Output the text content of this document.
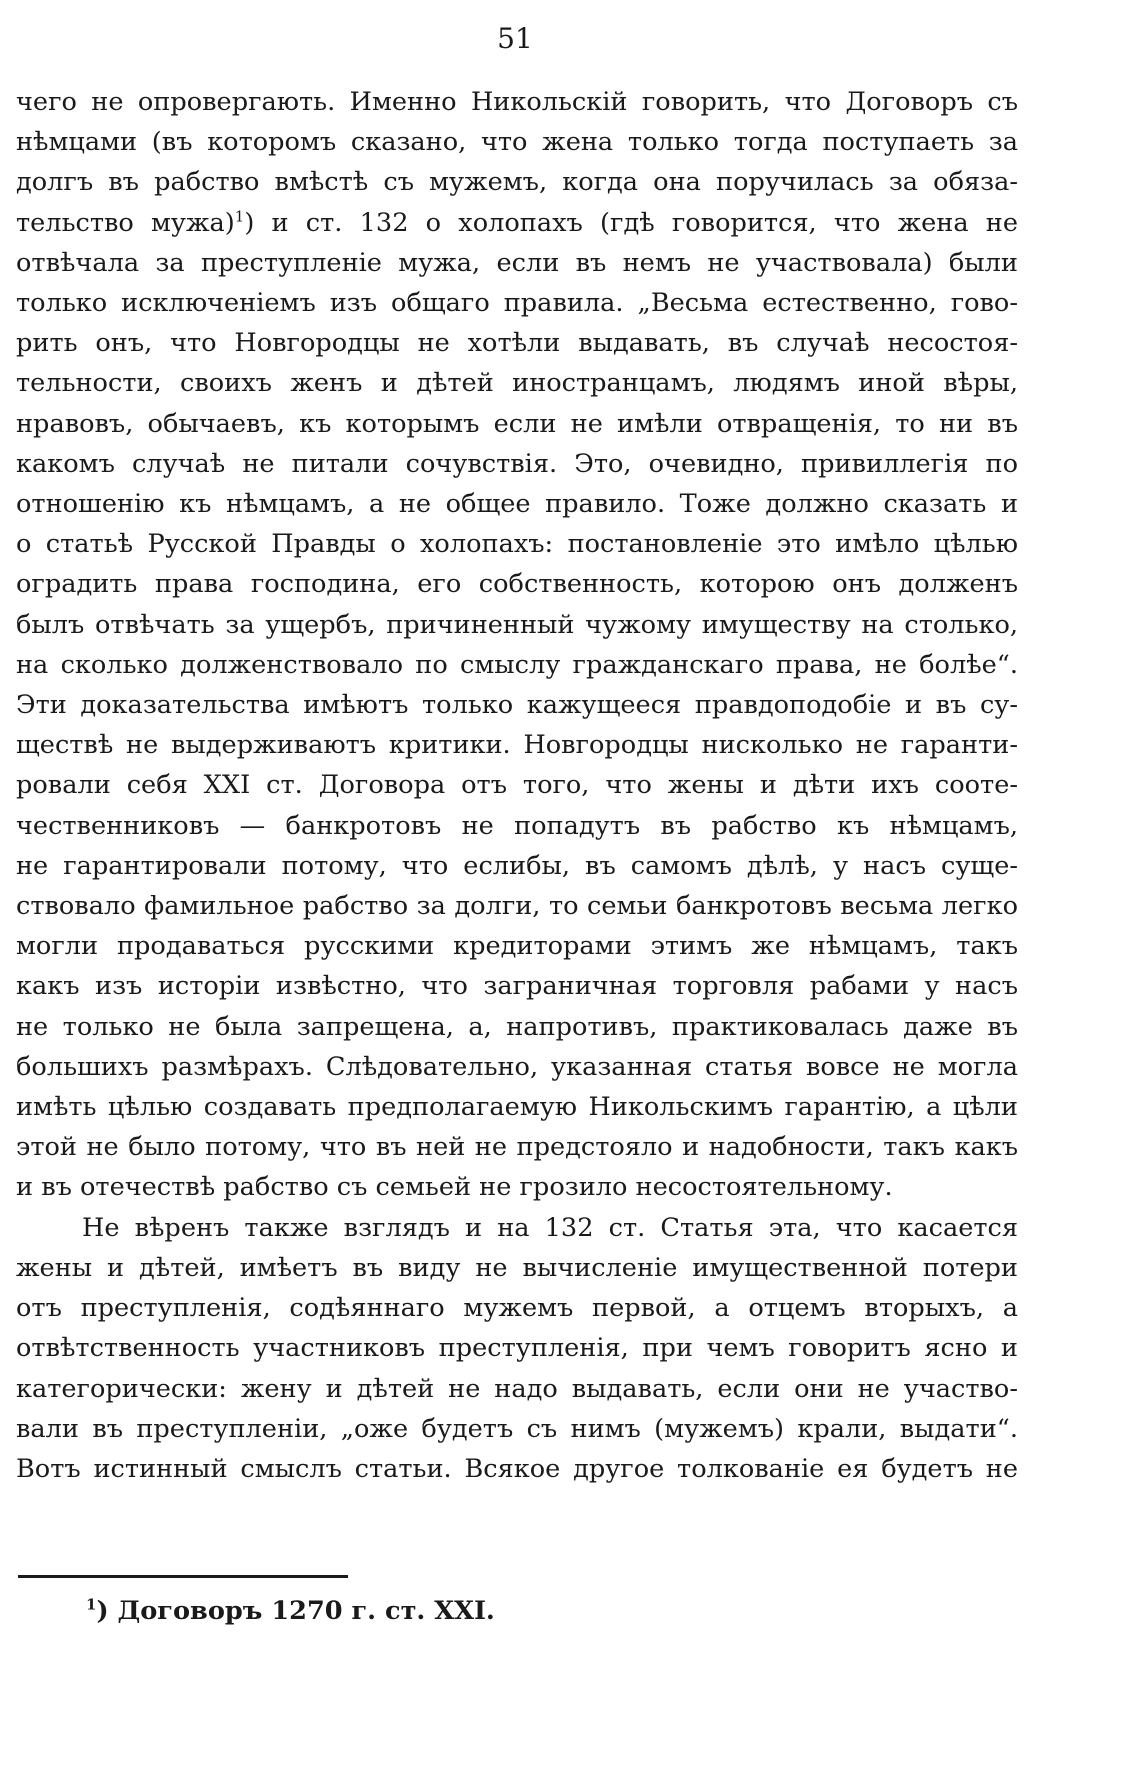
51
чего не опровергають. Именно Никольскій говорить, что Договоръ съ
нѣмцами (въ которомъ сказано, что жена только тогда поступаеть за
долгъ въ рабство вмѣстѣ съ мужемъ, когда она поручилась за обяза-
тельство мужа)$^1$) и ст. 132 о холопахъ (гдѣ говорится, что жена не
отвѣчала за преступленіе мужа, если въ немъ не участвовала) были
только исключеніемъ изъ общаго правила. „Весьма естественно, гово-
рить онъ, что Новгородцы не хотѣли выдавать, въ случаѣ несостоя-
тельности, своихъ женъ и дѣтей иностранцамъ, людямъ иной вѣры,
нравовъ, обычаевъ, къ которымъ если не имѣли отвращенія, то ни въ
какомъ случаѣ не питали сочувствія. Это, очевидно, привиллегія по
отношенію къ нѣмцамъ, а не общее правило. Тоже должно сказать и
о статьѣ Русской Правды о холопахъ: постановленіе это имѣло цѣлью
оградить права господина, его собственность, которою онъ долженъ
былъ отвѣчать за ущербъ, причиненный чужому имуществу на столько,
на сколько долженствовало по смыслу гражданскаго права, не болѣе“.
Эти доказательства имѣютъ только кажущееся правдоподобіе и въ су-
ществѣ не выдерживаютъ критики. Новгородцы нисколько не гаранти-
ровали себя XXI ст. Договора отъ того, что жены и дѣти ихъ сооте-
чественниковъ — банкротовъ не попадутъ въ рабство къ нѣмцамъ,
не гарантировали потому, что еслибы, въ самомъ дѣлѣ, у насъ суще-
ствовало фамильное рабство за долги, то семьи банкротовъ весьма легко
могли продаваться русскими кредиторами этимъ же нѣмцамъ, такъ
какъ изъ исторіи извѣстно, что заграничная торговля рабами у насъ
не только не была запрещена, а, напротивъ, практиковалась даже въ
большихъ размѣрахъ. Слѣдовательно, указанная статья вовсе не могла
имѣть цѣлью создавать предполагаемую Никольскимъ гарантію, а цѣли
этой не было потому, что въ ней не предстояло и надобности, такъ какъ
и въ отечествѣ рабство съ семьей не грозило несостоятельному.
Не вѣренъ также взглядъ и на 132 ст. Статья эта, что касается
жены и дѣтей, имѣетъ въ виду не вычисленіе имущественной потери
отъ преступленія, содѣяннаго мужемъ первой, а отцемъ вторыхъ, а
отвѣтственность участниковъ преступленія, при чемъ говоритъ ясно и
категорически: жену и дѣтей не надо выдавать, если они не участво-
вали въ преступленіи, „оже будетъ съ нимъ (мужемъ) крали, выдати“.
Вотъ истинный смыслъ статьи. Всякое другое толкованіе ея будетъ не
$^1$) Договоръ 1270 г. ст. XXI.
